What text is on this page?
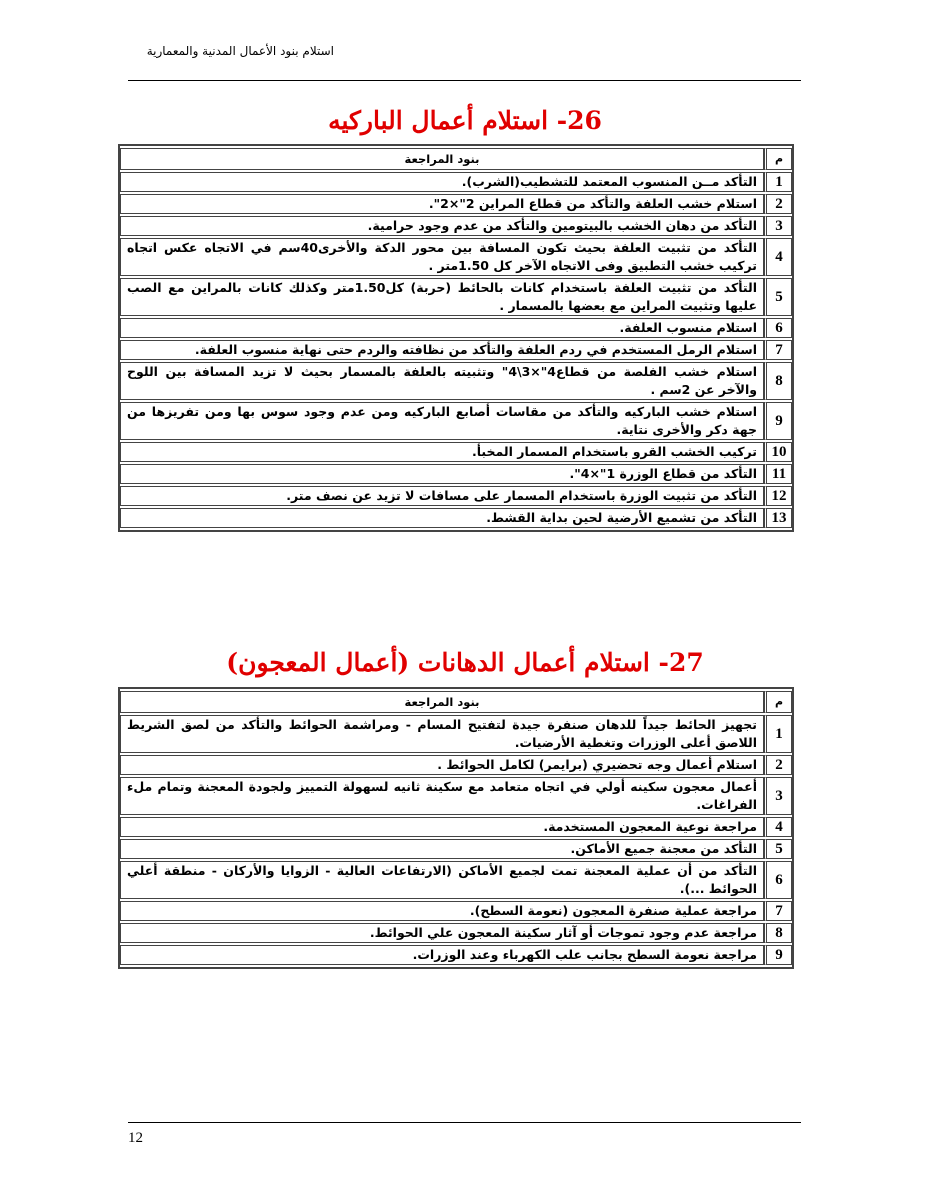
استلام بنود الأعمال المدنية والمعمارية
26- استلام أعمال الباركيه
م	بنود المراجعة
1	التأكد مــن المنسوب المعتمد للتشطيب(الشرب).
2	استلام خشب العلفة والتأكد من قطاع المراين 2"×2".
3	التأكد من دهان الخشب بالبيتومين والتأكد من عدم وجود حرامية.
4	التأكد من تثبيت العلفة بحيث تكون المسافة بين محور الدكة والأخرى40سم في الاتجاه عكس اتجاه تركيب خشب التطبيق وفى الاتجاه الآخر كل 1.50متر .
5	التأكد من تثبيت العلفة باستخدام كانات بالحائط (حربة) كل1.50متر وكذلك كانات بالمراين مع الصب عليها وتثبيت المراين مع بعضها بالمسمار .
6	استلام منسوب العلفة.
7	استلام الرمل المستخدم في ردم العلفة والتأكد من نظافته والردم حتى نهاية منسوب العلفة.
8	استلام خشب الفلصة من قطاع4"×3\4" وتثبيته بالعلفة بالمسمار بحيث لا تزيد المسافة بين اللوح والآخر عن 2سم .
9	استلام خشب الباركيه والتأكد من مقاسات أصابع الباركيه ومن عدم وجود سوس بها ومن تفريزها من جهة دكر والأخرى نتاية.
10	تركيب الخشب القرو باستخدام المسمار المخبأ.
11	التأكد من قطاع الوزرة 1"×4".
12	التأكد من تثبيت الوزرة باستخدام المسمار على مسافات لا تزيد عن نصف متر.
13	التأكد من تشميع الأرضية لحين بداية القشط.
27- استلام أعمال الدهانات (أعمال المعجون)
م	بنود المراجعة
1	تجهيز الحائط جيداً للدهان صنفرة جيدة لتفتيح المسام - ومراشمة الحوائط والتأكد من لصق الشريط اللاصق أعلى الوزرات وتغطية الأرضيات.
2	استلام أعمال وجه تحضيري (برايمر) لكامل الحوائط .
3	أعمال معجون سكينه أولي في اتجاه متعامد مع سكينة ثانيه لسهولة التمييز ولجودة المعجنة وتمام ملء الفراغات.
4	مراجعة نوعية المعجون المستخدمة.
5	التأكد من معجنة جميع الأماكن.
6	التأكد من أن عملية المعجنة تمت لجميع الأماكن (الارتفاعات العالية - الزوايا والأركان - منطقة أعلي الحوائط ...).
7	مراجعة عملية صنفرة المعجون (نعومة السطح).
8	مراجعة عدم وجود تموجات أو آثار سكينة المعجون علي الحوائط.
9	مراجعة نعومة السطح بجانب علب الكهرباء وعند الوزرات.
12
